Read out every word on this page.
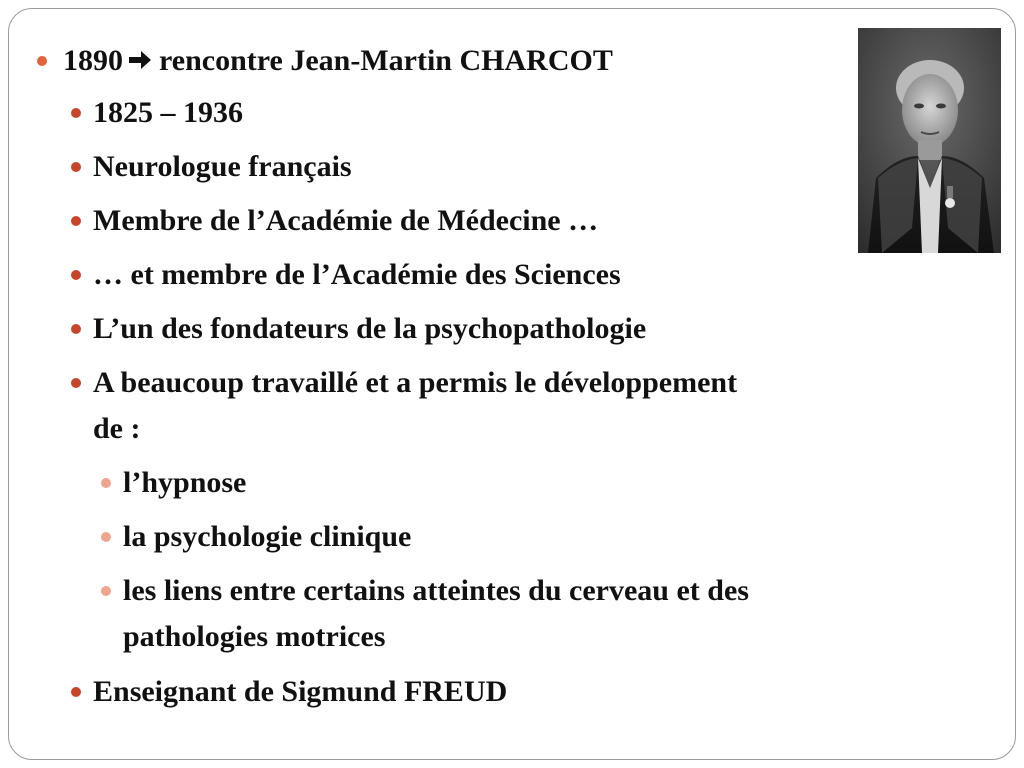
1890 rencontre Jean-Martin CHARCOT
1825 – 1936
Neurologue français
Membre de l’Académie de Médecine …
… et membre de l’Académie des Sciences
L’un des fondateurs de la psychopathologie
A beaucoup travaillé et a permis le développement
de :
l’hypnose
la psychologie clinique
les liens entre certains atteintes du cerveau et des
pathologies motrices
Enseignant de Sigmund FREUD
